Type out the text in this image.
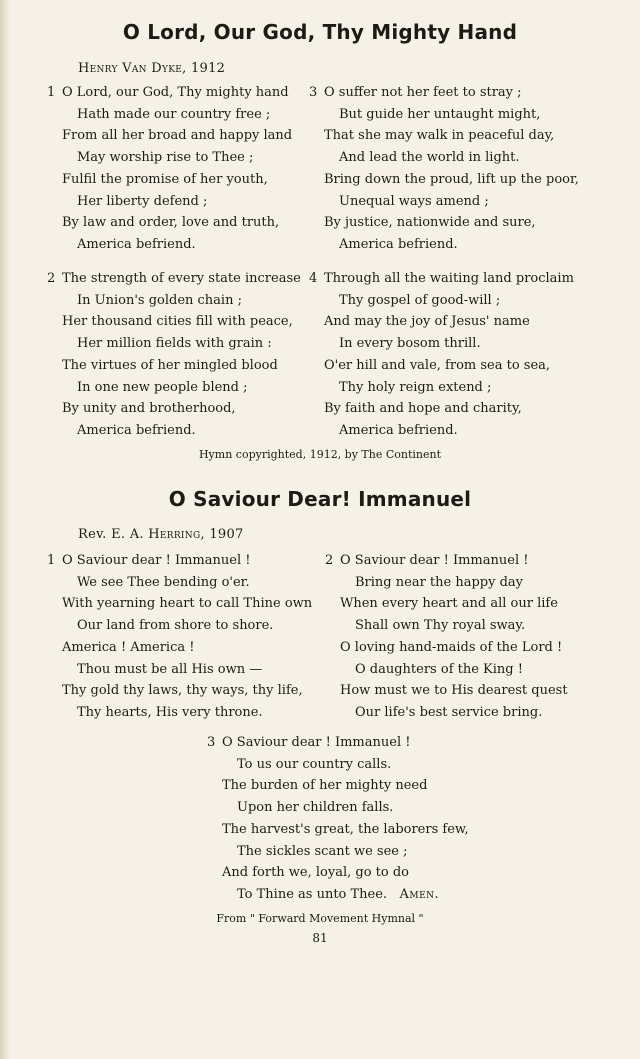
O Lord, Our God, Thy Mighty Hand
Henry Van Dyke, 1912
1 O Lord, our God, Thy mighty hand
Hath made our country free ;
From all her broad and happy land
May worship rise to Thee ;
Fulfil the promise of her youth,
Her liberty defend ;
By law and order, love and truth,
America befriend.
3 O suffer not her feet to stray ;
But guide her untaught might,
That she may walk in peaceful day,
And lead the world in light.
Bring down the proud, lift up the poor,
Unequal ways amend ;
By justice, nationwide and sure,
America befriend.
2 The strength of every state increase
In Union's golden chain ;
Her thousand cities fill with peace,
Her million fields with grain :
The virtues of her mingled blood
In one new people blend ;
By unity and brotherhood,
America befriend.
4 Through all the waiting land proclaim
Thy gospel of good-will ;
And may the joy of Jesus' name
In every bosom thrill.
O'er hill and vale, from sea to sea,
Thy holy reign extend ;
By faith and hope and charity,
America befriend.
Hymn copyrighted, 1912, by The Continent
O Saviour Dear! Immanuel
Rev. E. A. Herring, 1907
1 O Saviour dear ! Immanuel !
We see Thee bending o'er.
With yearning heart to call Thine own
Our land from shore to shore.
America ! America !
Thou must be all His own —
Thy gold thy laws, thy ways, thy life,
Thy hearts, His very throne.
2 O Saviour dear ! Immanuel !
Bring near the happy day
When every heart and all our life
Shall own Thy royal sway.
O loving hand-maids of the Lord !
O daughters of the King !
How must we to His dearest quest
Our life's best service bring.
3 O Saviour dear ! Immanuel !
To us our country calls.
The burden of her mighty need
Upon her children falls.
The harvest's great, the laborers few,
The sickles scant we see ;
And forth we, loyal, go to do
To Thine as unto Thee. Amen.
From " Forward Movement Hymnal "
81
